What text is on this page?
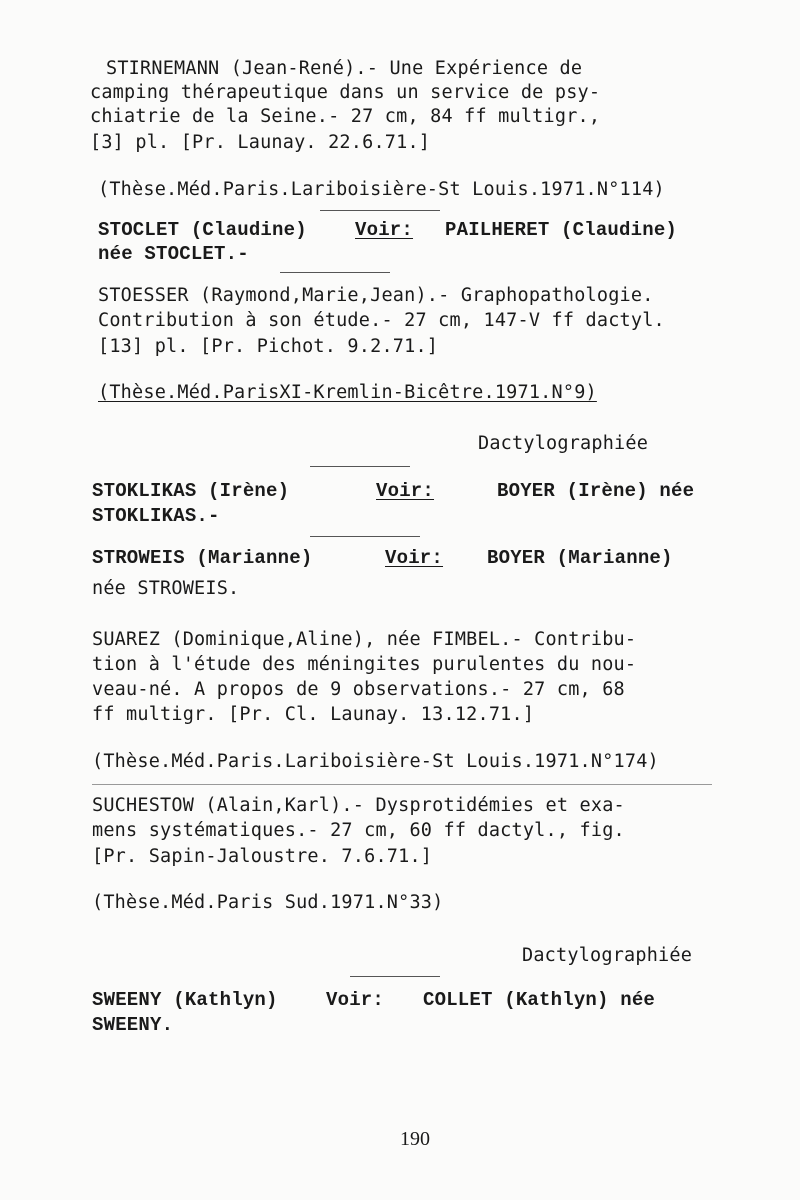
STIRNEMANN (Jean-René).- Une Expérience de
camping thérapeutique dans un service de psy-
chiatrie de la Seine.- 27 cm, 84 ff multigr.,
[3] pl. [Pr. Launay. 22.6.71.]
(Thèse.Méd.Paris.Lariboisière-St Louis.1971.N°114)
STOCLET (Claudine)	Voir: PAILHERET (Claudine)
née STOCLET.-
STOESSER (Raymond,Marie,Jean).- Graphopathologie.
Contribution à son étude.- 27 cm, 147-V ff dactyl.
[13] pl. [Pr. Pichot. 9.2.71.]
(Thèse.Méd.ParisXI-Kremlin-Bicêtre.1971.N°9)
Dactylographiée
STOKLIKAS (Irène)	Voir:	BOYER (Irène) née
STOKLIKAS.-
STROWEIS (Marianne)	Voir: BOYER (Marianne)
née STROWEIS.
SUAREZ (Dominique,Aline), née FIMBEL.- Contribu-
tion à l'étude des méningites purulentes du nou-
veau-né. A propos de 9 observations.- 27 cm, 68
ff multigr. [Pr. Cl. Launay. 13.12.71.]
(Thèse.Méd.Paris.Lariboisière-St Louis.1971.N°174)
SUCHESTOW (Alain,Karl).- Dysprotidémies et exa-
mens systématiques.- 27 cm, 60 ff dactyl., fig.
[Pr. Sapin-Jaloustre. 7.6.71.]
(Thèse.Méd.Paris Sud.1971.N°33)
Dactylographiée
SWEENY (Kathlyn)	Voir: COLLET (Kathlyn) née
SWEENY.
190
